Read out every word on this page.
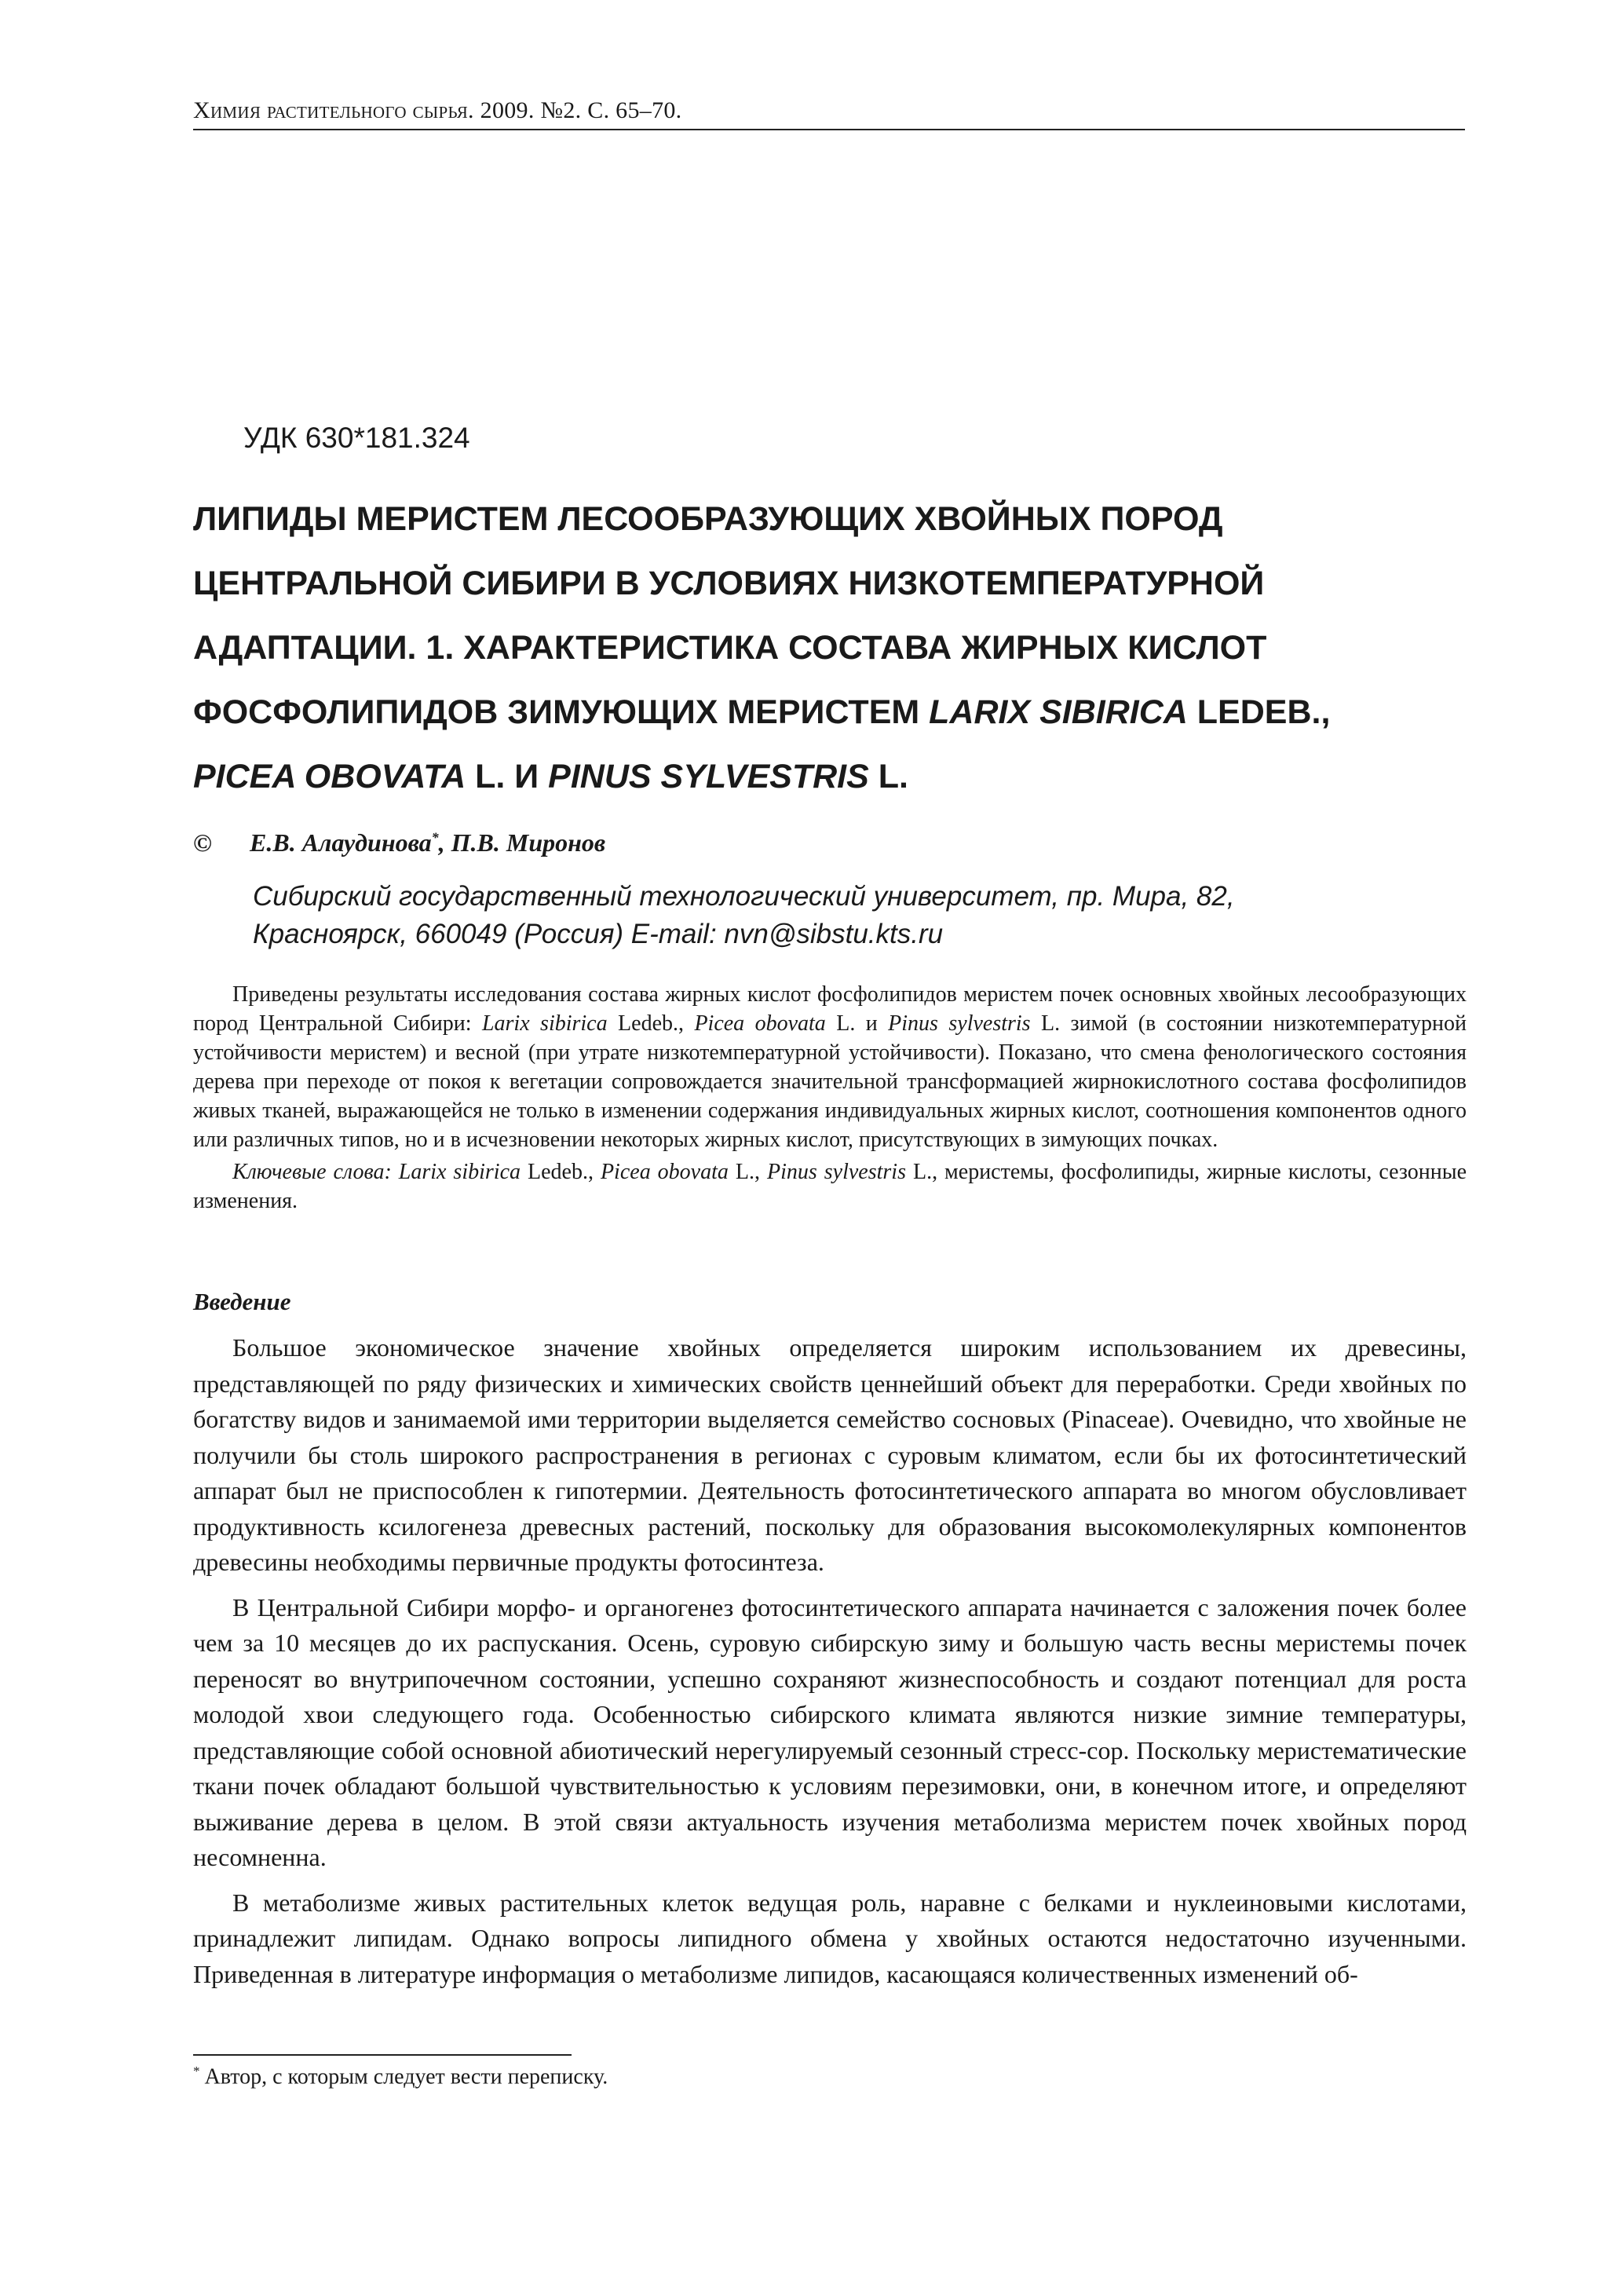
Химия растительного сырья. 2009. №2. С. 65–70.
УДК 630*181.324
ЛИПИДЫ МЕРИСТЕМ ЛЕСООБРАЗУЮЩИХ ХВОЙНЫХ ПОРОД
ЦЕНТРАЛЬНОЙ СИБИРИ В УСЛОВИЯХ НИЗКОТЕМПЕРАТУРНОЙ
АДАПТАЦИИ. 1. ХАРАКТЕРИСТИКА СОСТАВА ЖИРНЫХ КИСЛОТ
ФОСФОЛИПИДОВ ЗИМУЮЩИХ МЕРИСТЕМ LARIX SIBIRICA LEDEB.,
PICEA OBOVATA L. И PINUS SYLVESTRIS L.
© Е.В. Алаудинова*, П.В. Миронов
Сибирский государственный технологический университет, пр. Мира, 82,
Красноярск, 660049 (Россия) E-mail: nvn@sibstu.kts.ru

Приведены результаты исследования состава жирных кислот фосфолипидов меристем почек основных хвойных лесообразующих пород Центральной Сибири: Larix sibirica Ledeb., Picea obovata L. и Pinus sylvestris L. зимой (в состоянии низкотемпературной устойчивости меристем) и весной (при утрате низкотемпературной устойчивости). Показано, что смена фенологического состояния дерева при переходе от покоя к вегетации сопровождается значительной трансформацией жирнокислотного состава фосфолипидов живых тканей, выражающейся не только в изменении содержания индивидуальных жирных кислот, соотношения компонентов одного или различных типов, но и в исчезновении некоторых жирных кислот, присутствующих в зимующих почках.

Ключевые слова: Larix sibirica Ledeb., Picea obovata L., Pinus sylvestris L., меристемы, фосфолипиды, жирные кислоты, сезонные изменения.

Введение

Большое экономическое значение хвойных определяется широким использованием их древесины, представляющей по ряду физических и химических свойств ценнейший объект для переработки. Среди хвойных по богатству видов и занимаемой ими территории выделяется семейство сосновых (Pinaceae). Очевидно, что хвойные не получили бы столь широкого распространения в регионах с суровым климатом, если бы их фотосинтетический аппарат был не приспособлен к гипотермии. Деятельность фотосинтетического аппарата во многом обусловливает продуктивность ксилогенеза древесных растений, поскольку для образования высокомолекулярных компонентов древесины необходимы первичные продукты фотосинтеза.

В Центральной Сибири морфо- и органогенез фотосинтетического аппарата начинается с заложения почек более чем за 10 месяцев до их распускания. Осень, суровую сибирскую зиму и большую часть весны меристемы почек переносят во внутрипочечном состоянии, успешно сохраняют жизнеспособность и создают потенциал для роста молодой хвои следующего года. Особенностью сибирского климата являются низкие зимние температуры, представляющие собой основной абиотический нерегулируемый сезонный стресс-сор. Поскольку меристематические ткани почек обладают большой чувствительностью к условиям перезимовки, они, в конечном итоге, и определяют выживание дерева в целом. В этой связи актуальность изучения метаболизма меристем почек хвойных пород несомненна.

В метаболизме живых растительных клеток ведущая роль, наравне с белками и нуклеиновыми кислотами, принадлежит липидам. Однако вопросы липидного обмена у хвойных остаются недостаточно изученными. Приведенная в литературе информация о метаболизме липидов, касающаяся количественных изменений об-

* Автор, с которым следует вести переписку.
